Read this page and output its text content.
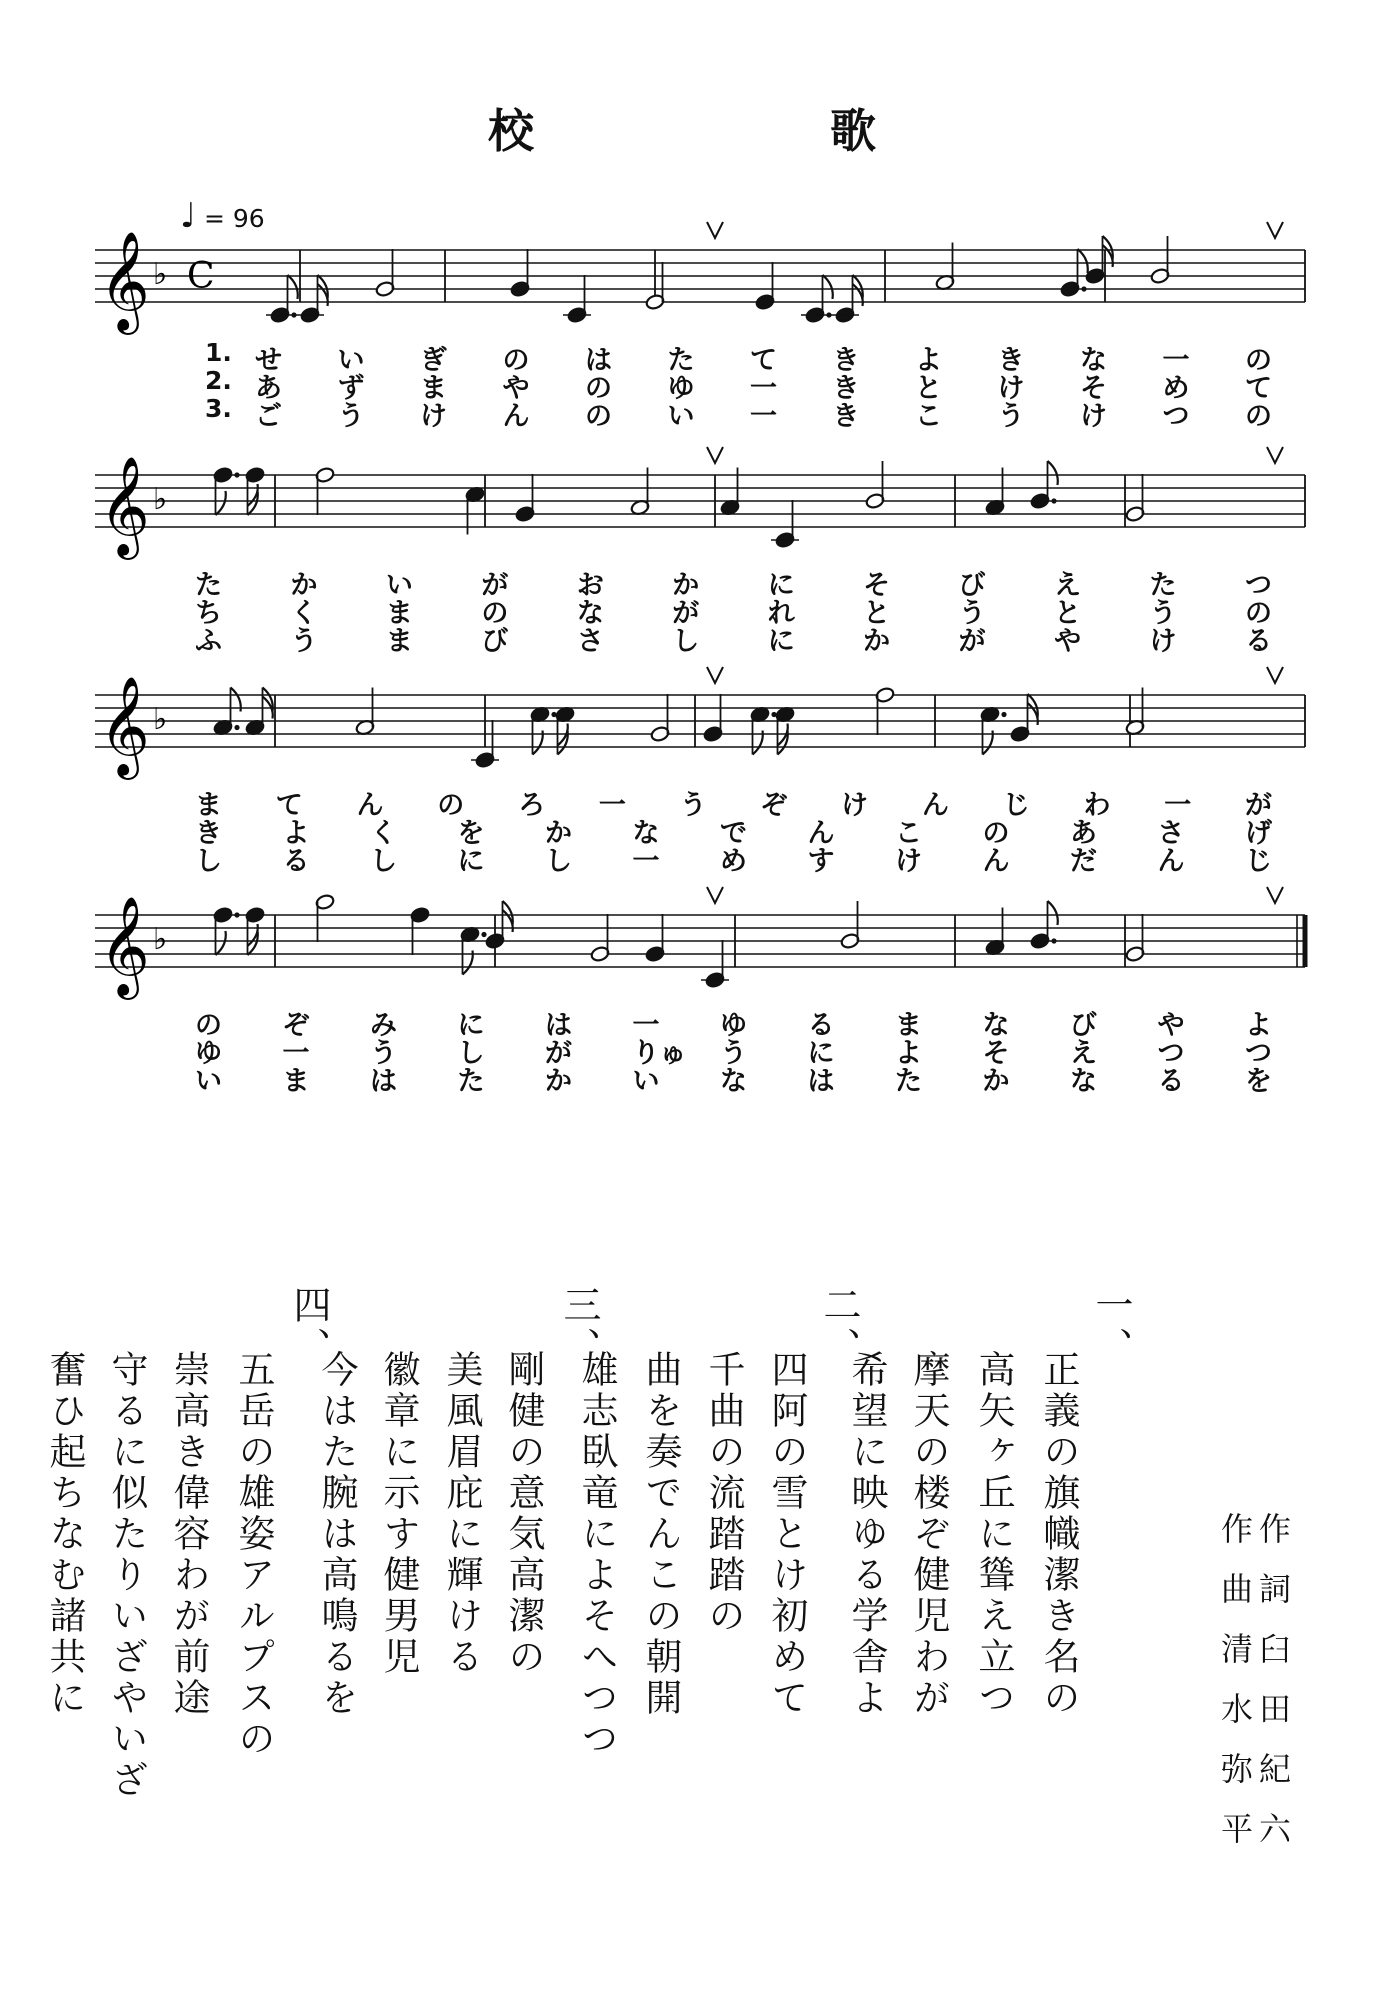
校	歌
♩ = 96
𝄞 ♭ C
1. せ い ぎ の は た て き よ き な 一 の
2. あ ず ま や の ゆ 一 き と け そ め て
3. ご う け ん の い 一 き こ う け つ の
𝄞 ♭
た	か	い	が	お	か	に	そ	び	え	た	つ
ち	く	ま	の	な	が	れ	と	う	と	う	の
ふ	う	ま	び	さ	し	に	か	が	や	け	る
𝄞 ♭
ま て ん の ろ 一 う ぞ け ん じ わ 一 が
き よ く を か な で ん こ の あ さ げ
し る し に し 一 め す け ん だ ん じ
𝄞 ♭
の ぞ み に は 一 ゆ る ま な び や よ
ゆ 一 う し が りゅ う に よ そ え つ つ
い ま は た か い な は た か な る を
一、
正義の旗幟潔き名の
高矢ヶ丘に聳え立つ
摩天の楼ぞ健児わが
希望に映ゆる学舎よ
二、
四阿の雪とけ初めて
千曲の流踏踏の
曲を奏でんこの朝開
雄志臥竜によそへつつ
三、
剛健の意気高潔の
美風眉庇に輝ける
徽章に示す健男児
今はた腕は高鳴るを
四、
五岳の雄姿アルプスの
崇高き偉容わが前途
守るに似たりいざやいざ
奮ひ起ちなむ諸共に	作詞臼田紀六
作曲清水弥平
